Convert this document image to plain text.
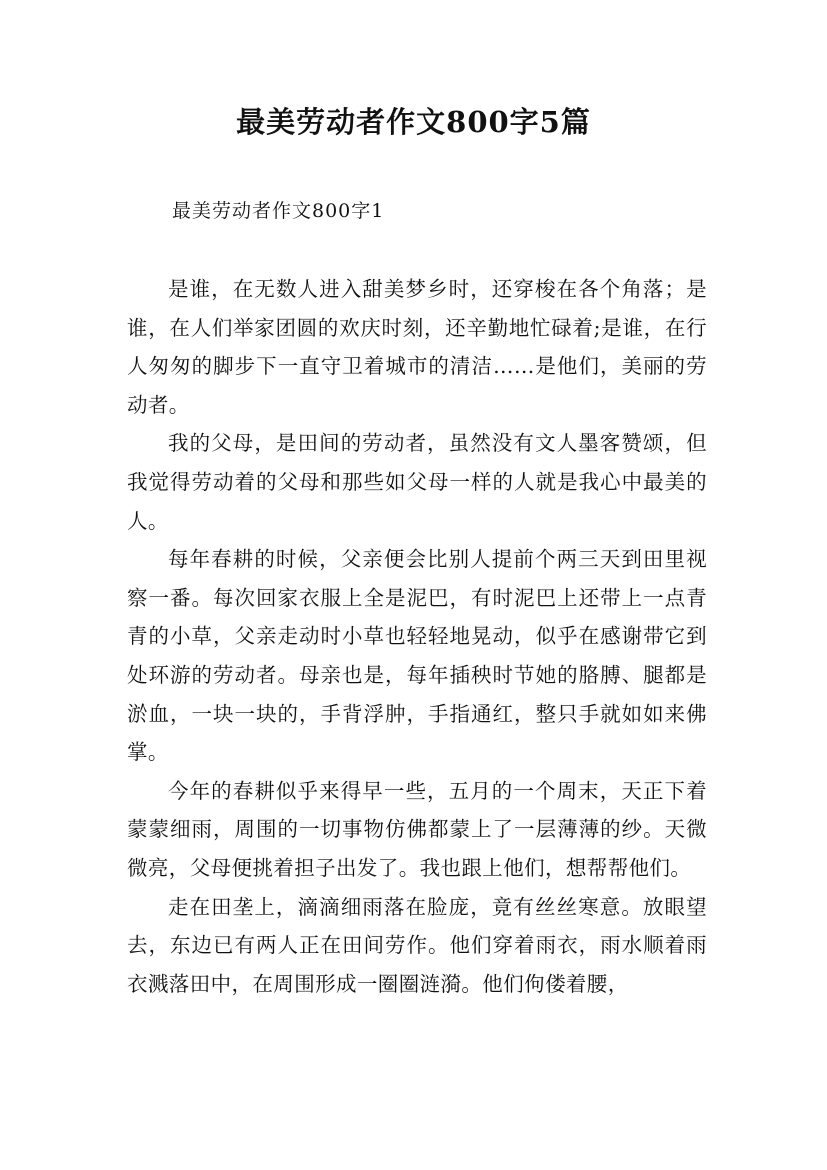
最美劳动者作文800字5篇
最美劳动者作文800字1

是谁，在无数人进入甜美梦乡时，还穿梭在各个角落；是谁，在人们举家团圆的欢庆时刻，还辛勤地忙碌着;是谁，在行人匆匆的脚步下一直守卫着城市的清洁……是他们，美丽的劳动者。

我的父母，是田间的劳动者，虽然没有文人墨客赞颂，但我觉得劳动着的父母和那些如父母一样的人就是我心中最美的人。

每年春耕的时候，父亲便会比别人提前个两三天到田里视察一番。每次回家衣服上全是泥巴，有时泥巴上还带上一点青青的小草，父亲走动时小草也轻轻地晃动，似乎在感谢带它到处环游的劳动者。母亲也是，每年插秧时节她的胳膊、腿都是淤血，一块一块的，手背浮肿，手指通红，整只手就如如来佛掌。

今年的春耕似乎来得早一些，五月的一个周末，天正下着蒙蒙细雨，周围的一切事物仿佛都蒙上了一层薄薄的纱。天微微亮，父母便挑着担子出发了。我也跟上他们，想帮帮他们。

走在田垄上，滴滴细雨落在脸庞，竟有丝丝寒意。放眼望去，东边已有两人正在田间劳作。他们穿着雨衣，雨水顺着雨衣溅落田中，在周围形成一圈圈涟漪。他们佝偻着腰，
